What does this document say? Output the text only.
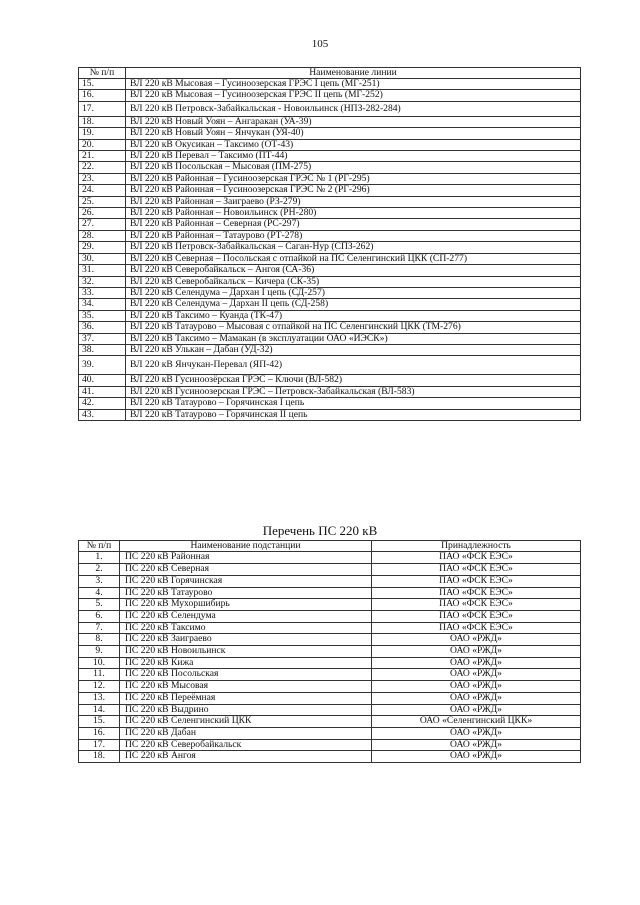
105
№ п/п	Наименование линии
15.	ВЛ 220 кВ Мысовая – Гусиноозерская ГРЭС I цепь (МГ-251)
16.	ВЛ 220 кВ Мысовая – Гусиноозерская ГРЭС II цепь (МГ-252)
17.	ВЛ 220 кВ Петровск-Забайкальская - Новоильинск (НПЗ-282-284)
18.	ВЛ 220 кВ Новый Уоян – Ангаракан (УА-39)
19.	ВЛ 220 кВ Новый Уоян – Янчукан (УЯ-40)
20.	ВЛ 220 кВ Окусикан – Таксимо (ОТ-43)
21.	ВЛ 220 кВ Перевал – Таксимо (ПТ-44)
22.	ВЛ 220 кВ Посольская – Мысовая (ПМ-275)
23.	ВЛ 220 кВ Районная – Гусиноозерская ГРЭС № 1 (РГ-295)
24.	ВЛ 220 кВ Районная – Гусиноозерская ГРЭС № 2 (РГ-296)
25.	ВЛ 220 кВ Районная – Заиграево (РЗ-279)
26.	ВЛ 220 кВ Районная – Новоильинск (РН-280)
27.	ВЛ 220 кВ Районная – Северная (РС-297)
28.	ВЛ 220 кВ Районная – Татаурово (РТ-278)
29.	ВЛ 220 кВ Петровск-Забайкальская – Саган-Нур (СПЗ-262)
30.	ВЛ 220 кВ Северная – Посольская с отпайкой на ПС Селенгинский ЦКК (СП-277)
31.	ВЛ 220 кВ Северобайкальск – Ангоя (СА-36)
32.	ВЛ 220 кВ Северобайкальск – Кичера (СК-35)
33.	ВЛ 220 кВ Селендума – Дархан I цепь (СД-257)
34.	ВЛ 220 кВ Селендума – Дархан II цепь (СД-258)
35.	ВЛ 220 кВ Таксимо – Куанда (ТК-47)
36.	ВЛ 220 кВ Татаурово – Мысовая с отпайкой на ПС Селенгинский ЦКК (ТМ-276)
37.	ВЛ 220 кВ Таксимо – Мамакан (в эксплуатации ОАО «ИЭСК»)
38.	ВЛ 220 кВ Улькан – Дабан (УД-32)
39.	ВЛ 220 кВ Янчукан-Перевал (ЯП-42)
40.	ВЛ 220 кВ Гусиноозёрская ГРЭС – Ключи (ВЛ-582)
41.	ВЛ 220 кВ Гусиноозерская ГРЭС – Петровск-Забайкальская (ВЛ-583)
42.	ВЛ 220 кВ Татаурово – Горячинская I цепь
43.	ВЛ 220 кВ Татаурово – Горячинская II цепь
Перечень ПС 220 кВ
№ п/п	Наименование подстанции	Принадлежность
1.	ПС 220 кВ Районная	ПАО «ФСК ЕЭС»
2.	ПС 220 кВ Северная	ПАО «ФСК ЕЭС»
3.	ПС 220 кВ Горячинская	ПАО «ФСК ЕЭС»
4.	ПС 220 кВ Татаурово	ПАО «ФСК ЕЭС»
5.	ПС 220 кВ Мухоршибирь	ПАО «ФСК ЕЭС»
6.	ПС 220 кВ Селендума	ПАО «ФСК ЕЭС»
7.	ПС 220 кВ Таксимо	ПАО «ФСК ЕЭС»
8.	ПС 220 кВ Заиграево	ОАО «РЖД»
9.	ПС 220 кВ Новоильинск	ОАО «РЖД»
10.	ПС 220 кВ Кижа	ОАО «РЖД»
11.	ПС 220 кВ Посольская	ОАО «РЖД»
12.	ПС 220 кВ Мысовая	ОАО «РЖД»
13.	ПС 220 кВ Перeёмная	ОАО «РЖД»
14.	ПС 220 кВ Выдрино	ОАО «РЖД»
15.	ПС 220 кВ Селенгинский ЦКК	ОАО «Селенгинский ЦКК»
16.	ПС 220 кВ Дабан	ОАО «РЖД»
17.	ПС 220 кВ Северобайкальск	ОАО «РЖД»
18.	ПС 220 кВ Ангоя	ОАО «РЖД»
